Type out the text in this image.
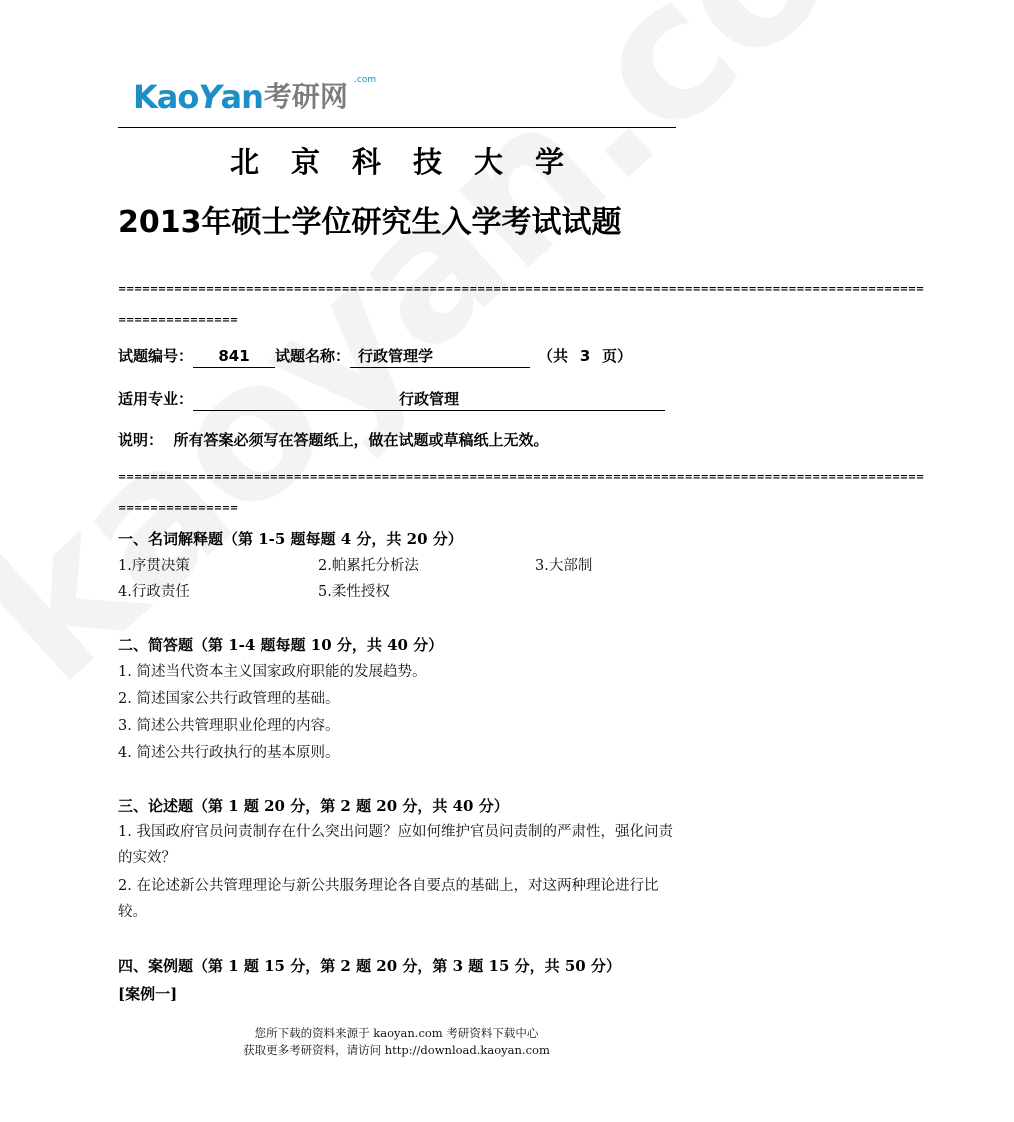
KaoYan	.com
考研网
北京科技大学
2013年硕士学位研究生入学考试试题
=====================================================================================================
===============
试题编号： 841 试题名称： 行政管理学	（共 3 页）
适用专业：	行政管理
说明： 所有答案必须写在答题纸上，做在试题或草稿纸上无效。
=====================================================================================================
===============
一、名词解释题（第 1-5 题每题 4 分，共 20 分）
1.序贯决策	2.帕累托分析法	3.大部制
4.行政责任	5.柔性授权
二、简答题（第 1-4 题每题 10 分，共 40 分）
1. 简述当代资本主义国家政府职能的发展趋势。
2. 简述国家公共行政管理的基础。
3. 简述公共管理职业伦理的内容。
4. 简述公共行政执行的基本原则。
三、论述题（第 1 题 20 分，第 2 题 20 分，共 40 分）
1. 我国政府官员问责制存在什么突出问题？应如何维护官员问责制的严肃性，强化问责的实效？
2. 在论述新公共管理理论与新公共服务理论各自要点的基础上，对这两种理论进行比较。
四、案例题（第 1 题 15 分，第 2 题 20 分，第 3 题 15 分，共 50 分）
[案例一]
您所下载的资料来源于 kaoyan.com 考研资料下载中心
获取更多考研资料，请访问 http://download.kaoyan.com
